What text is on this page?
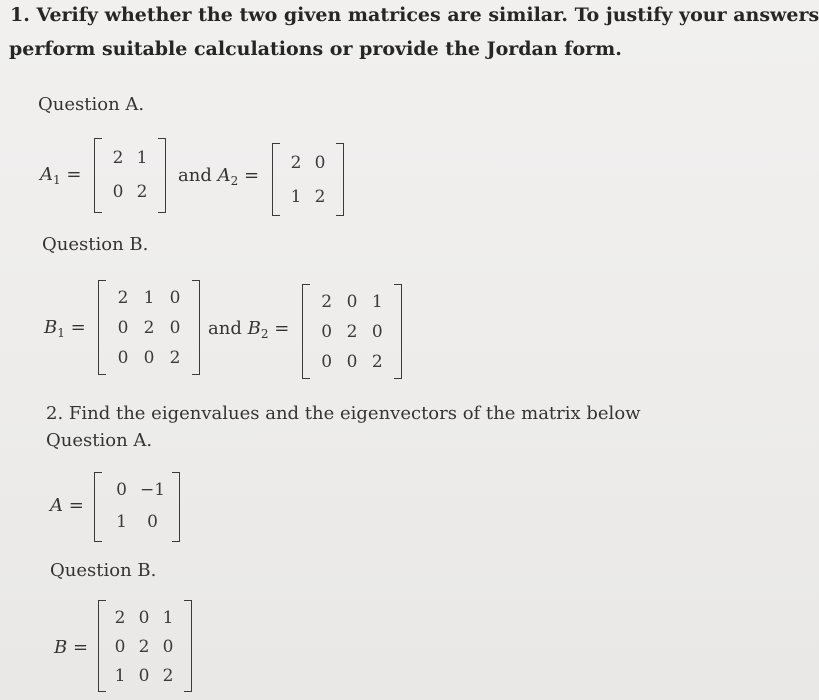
1. Verify whether the two given matrices are similar. To justify your answers
perform suitable calculations or provide the Jordan form.
Question A.
$A_1$ =
2 1
0 2
and $A_2$ =
2 0
1 2
Question B.
$B_1$ =
2 1 0
0 2 0
0 0 2
and $B_2$ =
2 0 1
0 2 0
0 0 2
2. Find the eigenvalues and the eigenvectors of the matrix below
Question A.
A =
0 −1
1	0
Question B.
B =
2 0 1
0 2 0
1 0 2
